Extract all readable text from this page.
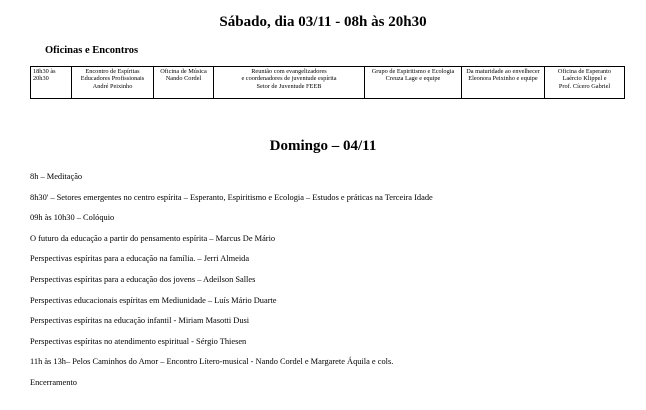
Sábado, dia 03/11 - 08h às 20h30
Oficinas e Encontros
18h30 às
20h30

Encontro de Espíritas
Educadores Profissionais
André Peixinho

Oficina de Música
Nando Cordel

Reunião com evangelizadores
e coordenadores de juventude espírita
Setor de Juventude FEEB

Grupo de Espiritismo e Ecologia
Creuza Lage e equipe

Da maturidade ao envelhecer
Eleonora Peixinho e equipe

Oficina de Esperanto
Laércio Klippel e
Prof. Cícero Gabriel
Domingo – 04/11
8h – Meditação
8h30' – Setores emergentes no centro espírita – Esperanto, Espiritismo e Ecologia – Estudos e práticas na Terceira Idade
09h às 10h30 – Colóquio
O futuro da educação a partir do pensamento espírita – Marcus De Mário
Perspectivas espíritas para a educação na família. – Jerri Almeida
Perspectivas espíritas para a educação dos jovens – Adeilson Salles
Perspectivas educacionais espíritas em Mediunidade – Luís Mário Duarte
Perspectivas espíritas na educação infantil - Miriam Masotti Dusi
Perspectivas espíritas no atendimento espiritual - Sérgio Thiesen
11h às 13h– Pelos Caminhos do Amor – Encontro Lítero-musical - Nando Cordel e Margarete Áquila e cols.
Encerramento
